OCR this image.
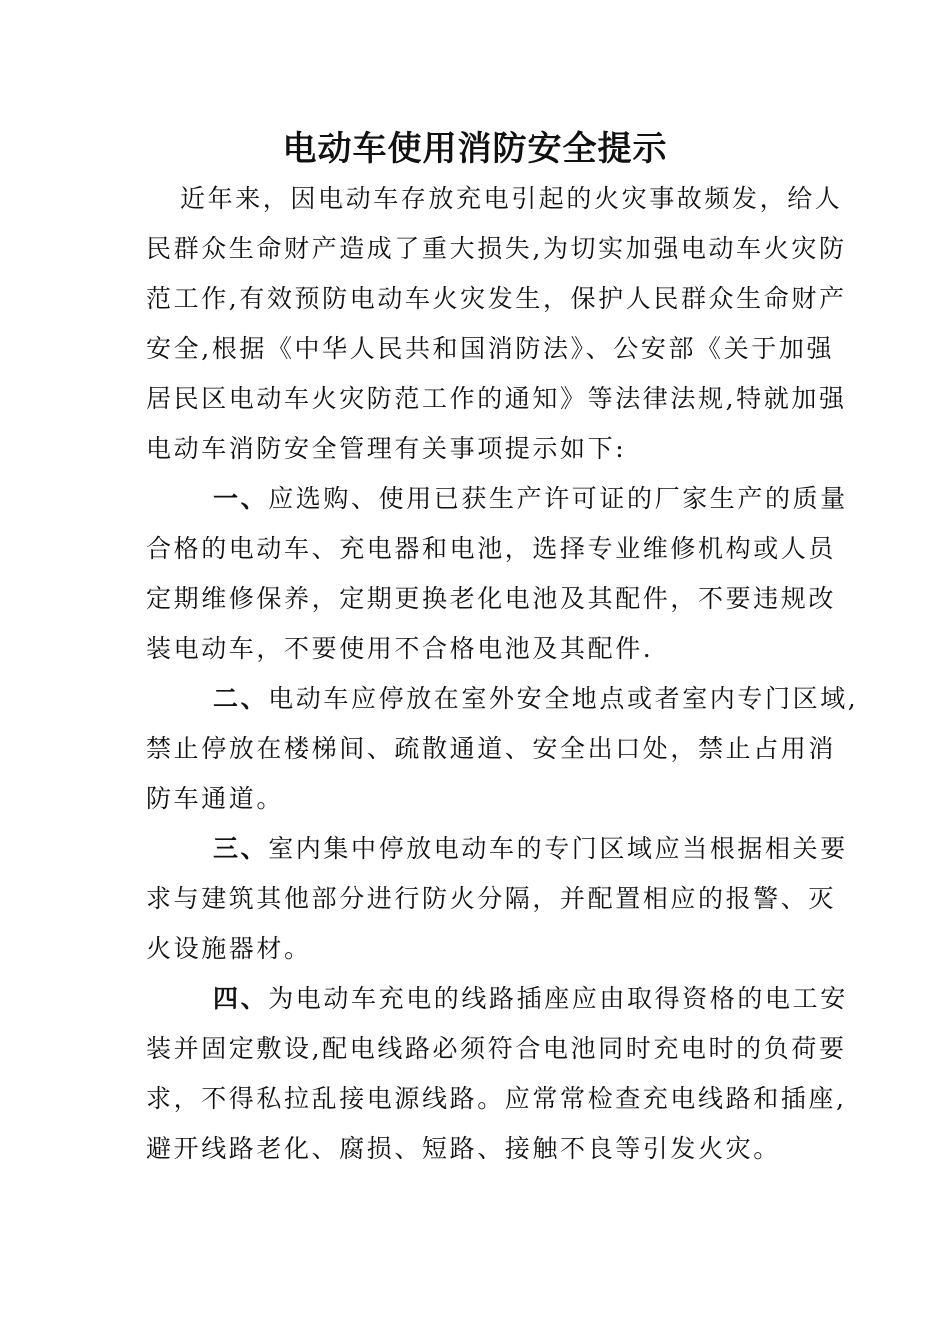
电动车使用消防安全提示
近年来，因电动车存放充电引起的火灾事故频发，给人
民群众生命财产造成了重大损失,为切实加强电动车火灾防
范工作,有效预防电动车火灾发生，保护人民群众生命财产
安全,根据《中华人民共和国消防法》、公安部《关于加强
居民区电动车火灾防范工作的通知》等法律法规,特就加强
电动车消防安全管理有关事项提示如下:
一、应选购、使用已获生产许可证的厂家生产的质量
合格的电动车、充电器和电池，选择专业维修机构或人员
定期维修保养，定期更换老化电池及其配件，不要违规改
装电动车，不要使用不合格电池及其配件.
二、电动车应停放在室外安全地点或者室内专门区域,
禁止停放在楼梯间、疏散通道、安全出口处，禁止占用消
防车通道。
三、室内集中停放电动车的专门区域应当根据相关要
求与建筑其他部分进行防火分隔，并配置相应的报警、灭
火设施器材。
四、为电动车充电的线路插座应由取得资格的电工安
装并固定敷设,配电线路必须符合电池同时充电时的负荷要
求，不得私拉乱接电源线路。应常常检查充电线路和插座,
避开线路老化、腐损、短路、接触不良等引发火灾。
